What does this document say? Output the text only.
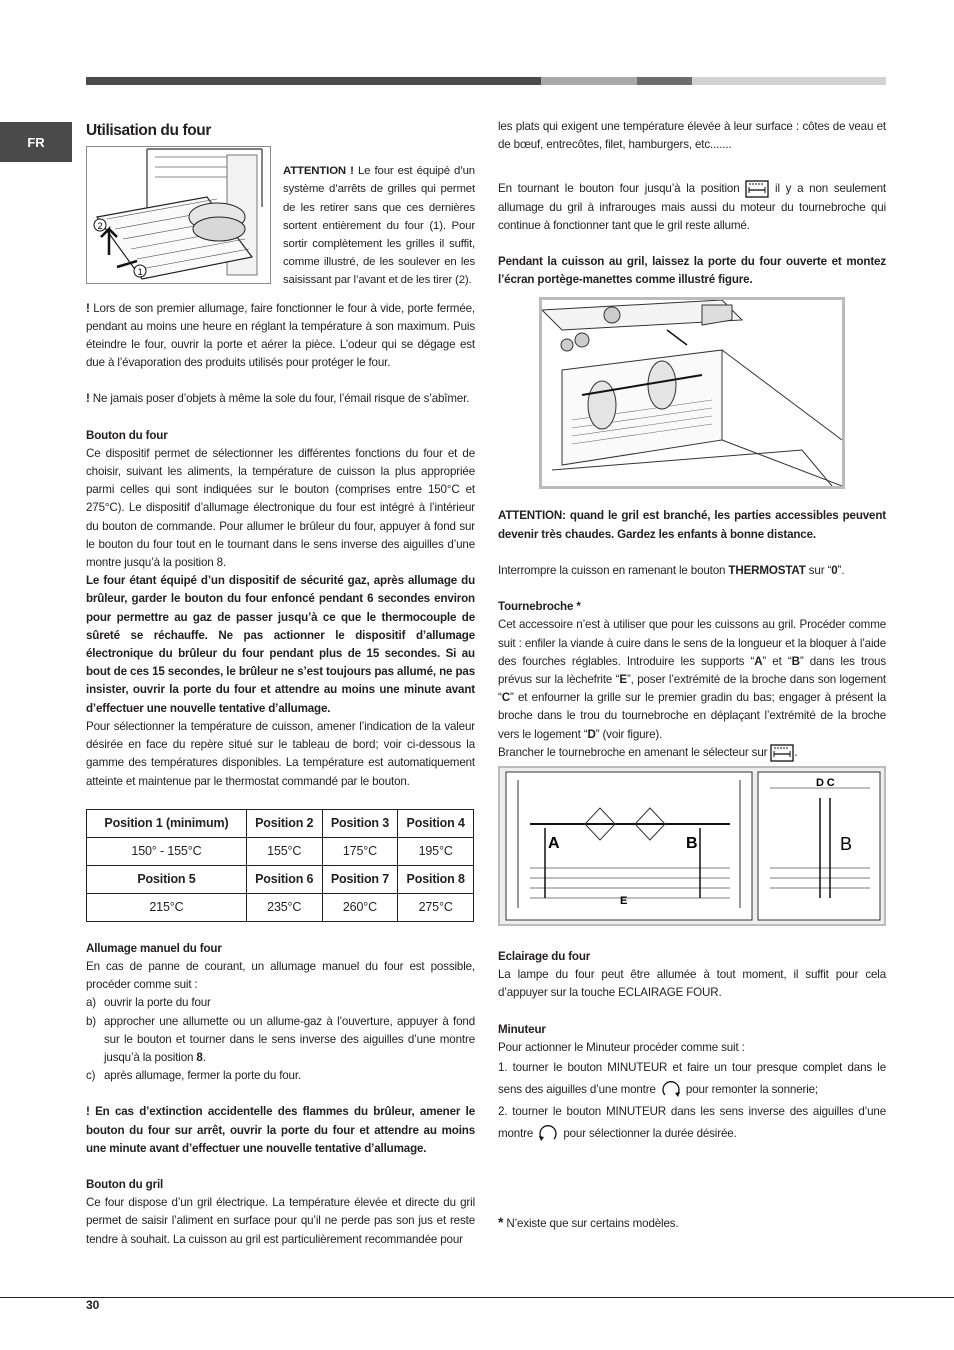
FR
Utilisation du four
2
1

ATTENTION ! Le four est équipé d’un système d’arrêts de grilles qui permet de les retirer sans que ces dernières sortent entièrement du four (1). Pour sortir complètement les grilles il suffit, comme illustré, de les soulever en les saisissant par l’avant et de les tirer (2).

! Lors de son premier allumage, faire fonctionner le four à vide, porte fermée, pendant au moins une heure en réglant la température à son maximum. Puis éteindre le four, ouvrir la porte et aérer la pièce. L’odeur qui se dégage est due à l’évaporation des produits utilisés pour protéger le four.

! Ne jamais poser d’objets à même la sole du four, l’émail risque de s’abîmer.

Bouton du four

Ce dispositif permet de sélectionner les différentes fonctions du four et de choisir, suivant les aliments, la température de cuisson la plus appropriée parmi celles qui sont indiquées sur le bouton (comprises entre 150°C et 275°C). Le dispositif d’allumage électronique du four est intégré à l’intérieur du bouton de commande. Pour allumer le brûleur du four, appuyer à fond sur le bouton du four tout en le tournant dans le sens inverse des aiguilles d’une montre jusqu’à la position 8.

Le four étant équipé d’un dispositif de sécurité gaz, après allumage du brûleur, garder le bouton du four enfoncé pendant 6 secondes environ pour permettre au gaz de passer jusqu’à ce que le thermocouple de sûreté se réchauffe. Ne pas actionner le dispositif d’allumage électronique du brûleur du four pendant plus de 15 secondes. Si au bout de ces 15 secondes, le brûleur ne s’est toujours pas allumé, ne pas insister, ouvrir la porte du four et attendre au moins une minute avant d’effectuer une nouvelle tentative d’allumage.

Pour sélectionner la température de cuisson, amener l’indication de la valeur désirée en face du repère situé sur le tableau de bord; voir ci-dessous la gamme des températures disponibles. La température est automatiquement atteinte et maintenue par le thermostat commandé par le bouton.

Position 1 (minimum)	Position 2	Position 3	Position 4
150° - 155°C	155°C	175°C	195°C
Position 5	Position 6	Position 7	Position 8
215°C	235°C	260°C	275°C

Allumage manuel du four

En cas de panne de courant, un allumage manuel du four est possible, procéder comme suit :

a) ouvrir la porte du four
b) approcher une allumette ou un allume-gaz à l’ouverture, appuyer à fond sur le bouton et tourner dans le sens inverse des aiguilles d’une montre jusqu’à la position 8.
c) après allumage, fermer la porte du four.

! En cas d’extinction accidentelle des flammes du brûleur, amener le bouton du four sur arrêt, ouvrir la porte du four et attendre au moins une minute avant d’effectuer une nouvelle tentative d’allumage.

Bouton du gril

Ce four dispose d’un gril électrique. La température élevée et directe du gril permet de saisir l’aliment en surface pour qu’il ne perde pas son jus et reste tendre à souhait. La cuisson au gril est particulièrement recommandée pour

les plats qui exigent une température élevée à leur surface : côtes de veau et de bœuf, entrecôtes, filet, hamburgers, etc.......

En tournant le bouton four jusqu’à la position	il y a non seulement allumage du gril à infrarouges mais aussi du moteur du tournebroche qui continue à fonctionner tant que le gril reste allumé.

Pendant la cuisson au gril, laissez la porte du four ouverte et montez l’écran portège-manettes comme illustré figure.

ATTENTION: quand le gril est branché, les parties accessibles peuvent devenir très chaudes. Gardez les enfants à bonne distance.

Interrompre la cuisson en ramenant le bouton THERMOSTAT sur “0”.

Tournebroche *

Cet accessoire n’est à utiliser que pour les cuissons au gril. Procéder comme suit : enfiler la viande à cuire dans le sens de la longueur et la bloquer à l’aide des fourches réglables. Introduire les supports “A” et “B” dans les trous prévus sur la lèchefrite “E”, poser l’extrémité de la broche dans son logement “C” et enfourner la grille sur le premier gradin du bas; engager à présent la broche dans le trou du tournebroche en déplaçant l’extrémité de la broche vers le logement “D” (voir figure).

Brancher le tournebroche en amenant le sélecteur sur .

A	B
E
D C
B

Eclairage du four

La lampe du four peut être allumée à tout moment, il suffit pour cela d’appuyer sur la touche ECLAIRAGE FOUR.

Minuteur

Pour actionner le Minuteur procéder comme suit :

1. tourner le bouton MINUTEUR et faire un tour presque complet dans le sens des aiguilles d’une montre  pour remonter la sonnerie;

2. tourner le bouton MINUTEUR dans les sens inverse des aiguilles d’une montre  pour sélectionner la durée désirée.

* N’existe que sur certains modèles.

30
